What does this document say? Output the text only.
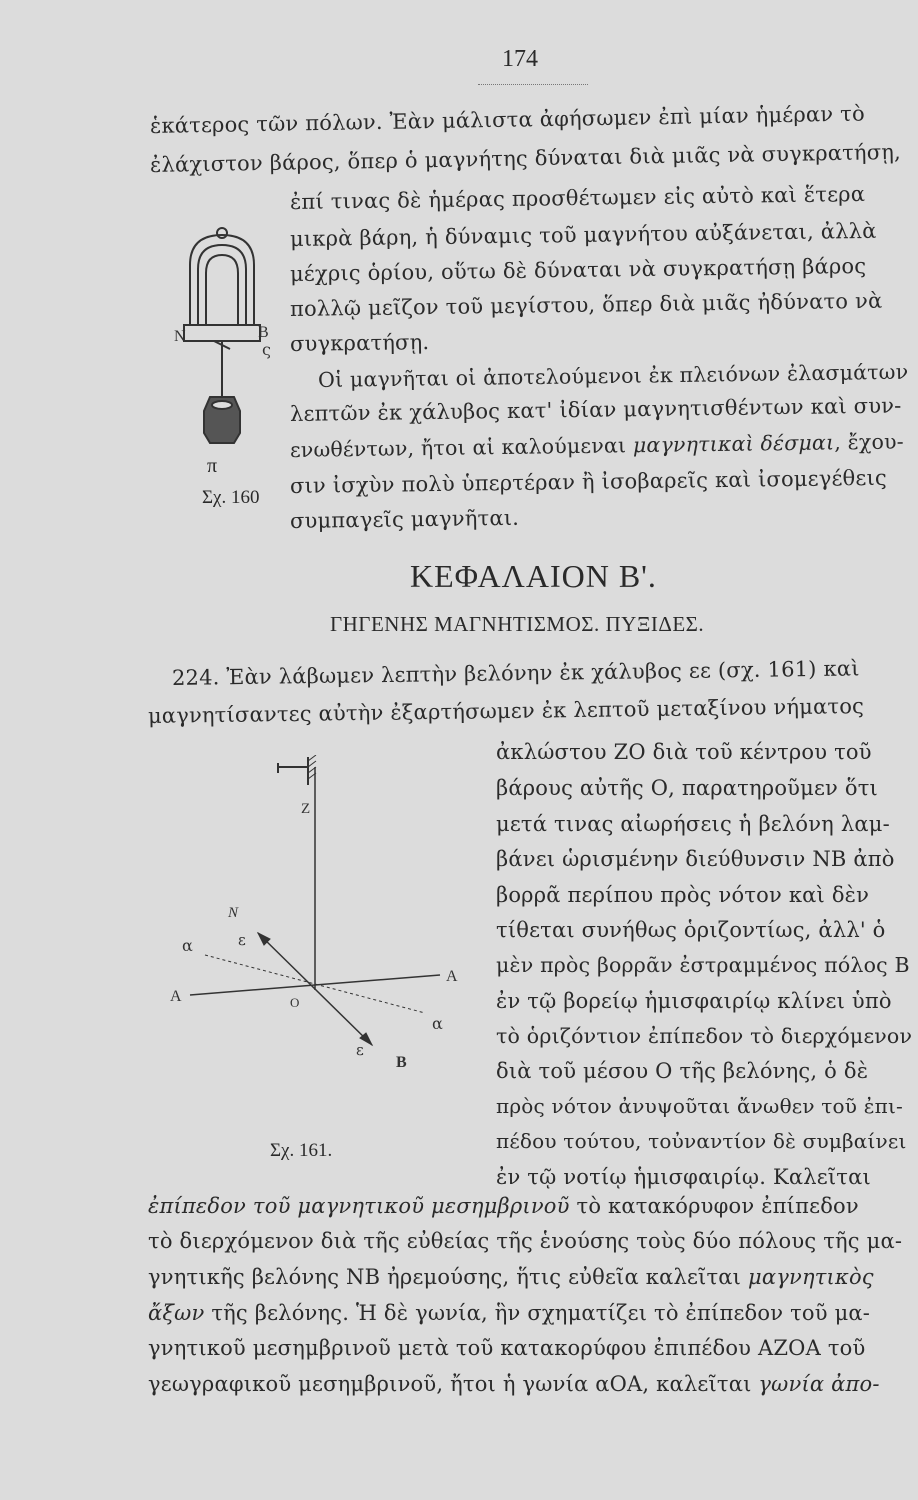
174
ἑκάτερος τῶν πόλων. Ἐὰν μάλιστα ἀφήσωμεν ἐπὶ μίαν ἡμέραν τὸ
ἐλάχιστον βάρος, ὅπερ ὁ μαγνήτης δύναται διὰ μιᾶς νὰ συγκρατήσῃ,
ἐπί τινας δὲ ἡμέρας προσθέτωμεν εἰς αὐτὸ καὶ ἕτερα
μικρὰ βάρη, ἡ δύναμις τοῦ μαγνήτου αὐξάνεται, ἀλλὰ
μέχρις ὁρίου, οὕτω δὲ δύναται νὰ συγκρατήσῃ βάρος
πολλῷ μεῖζον τοῦ μεγίστου, ὅπερ διὰ μιᾶς ἠδύνατο νὰ
συγκρατήσῃ.
Οἱ μαγνῆται οἱ ἀποτελούμενοι ἐκ πλειόνων ἐλασμάτων
λεπτῶν ἐκ χάλυβος κατ' ἰδίαν μαγνητισθέντων καὶ συν-
ενωθέντων, ἤτοι αἱ καλούμεναι μαγνητικαὶ δέσμαι, ἔχου-
σιν ἰσχὺν πολὺ ὑπερτέραν ἢ ἰσοβαρεῖς καὶ ἰσομεγέθεις
συμπαγεῖς μαγνῆται.
N	B
ς
π
Σχ. 160
ΚΕΦΑΛΑΙΟΝ Β'.
ΓΗΓΕΝΗΣ ΜΑΓΝΗΤΙΣΜΟΣ. ΠΥΞΙΔΕΣ.
224. Ἐὰν λάβωμεν λεπτὴν βελόνην ἐκ χάλυβος εε (σχ. 161) καὶ
μαγνητίσαντες αὐτὴν ἐξαρτήσωμεν ἐκ λεπτοῦ μεταξίνου νήματος
ἀκλώστου ΖΟ διὰ τοῦ κέντρου τοῦ
βάρους αὐτῆς Ο, παρατηροῦμεν ὅτι
μετά τινας αἰωρήσεις ἡ βελόνη λαμ-
βάνει ὡρισμένην διεύθυνσιν ΝΒ ἀπὸ
βορρᾶ περίπου πρὸς νότον καὶ δὲν
τίθεται συνήθως ὁριζοντίως, ἀλλ' ὁ
μὲν πρὸς βορρᾶν ἐστραμμένος πόλος Β
ἐν τῷ βορείῳ ἡμισφαιρίῳ κλίνει ὑπὸ
τὸ ὁριζόντιον ἐπίπεδον τὸ διερχόμενον
διὰ τοῦ μέσου Ο τῆς βελόνης, ὁ δὲ
πρὸς νότον ἀνυψοῦται ἄνωθεν τοῦ ἐπι-
πέδου τούτου, τοὐναντίον δὲ συμβαίνει
ἐν τῷ νοτίῳ ἡμισφαιρίῳ. Καλεῖται
Z
N
ε
α
A	O
A
α
ε
B
Σχ. 161.
ἐπίπεδον τοῦ μαγνητικοῦ μεσημβρινοῦ τὸ κατακόρυφον ἐπίπεδον
τὸ διερχόμενον διὰ τῆς εὐθείας τῆς ἑνούσης τοὺς δύο πόλους τῆς μα-
γνητικῆς βελόνης ΝΒ ἠρεμούσης, ἥτις εὐθεῖα καλεῖται μαγνητικὸς
ἄξων τῆς βελόνης. Ἡ δὲ γωνία, ἣν σχηματίζει τὸ ἐπίπεδον τοῦ μα-
γνητικοῦ μεσημβρινοῦ μετὰ τοῦ κατακορύφου ἐπιπέδου ΑΖΟΑ τοῦ
γεωγραφικοῦ μεσημβρινοῦ, ἤτοι ἡ γωνία αΟΑ, καλεῖται γωνία ἀπο-
